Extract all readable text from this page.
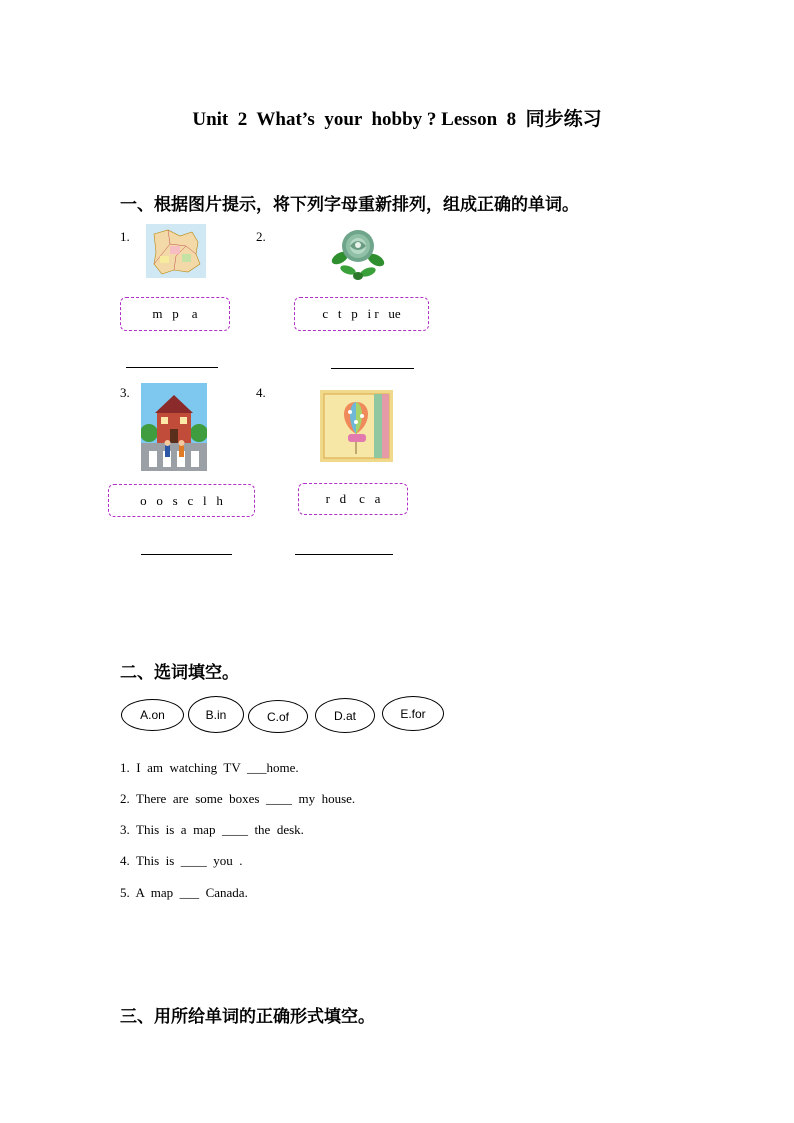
Unit  2  What’s  your  hobby ? Lesson  8  同步练习
一、根据图片提示，将下列字母重新排列，组成正确的单词。
1.
m   p    a
2.
c   t   p   i r   ue
3.
o   o   s   c   l   h
4.
r   d    c   a
二、选词填空。
A.on	B.in	C.of	D.at	E.for
1.  I  am  watching  TV  ___home.
2.  There  are  some  boxes  ____  my  house.
3.  This  is  a  map  ____  the  desk.
4.  This  is  ____  you  .
5.  A  map  ___  Canada.
三、用所给单词的正确形式填空。
